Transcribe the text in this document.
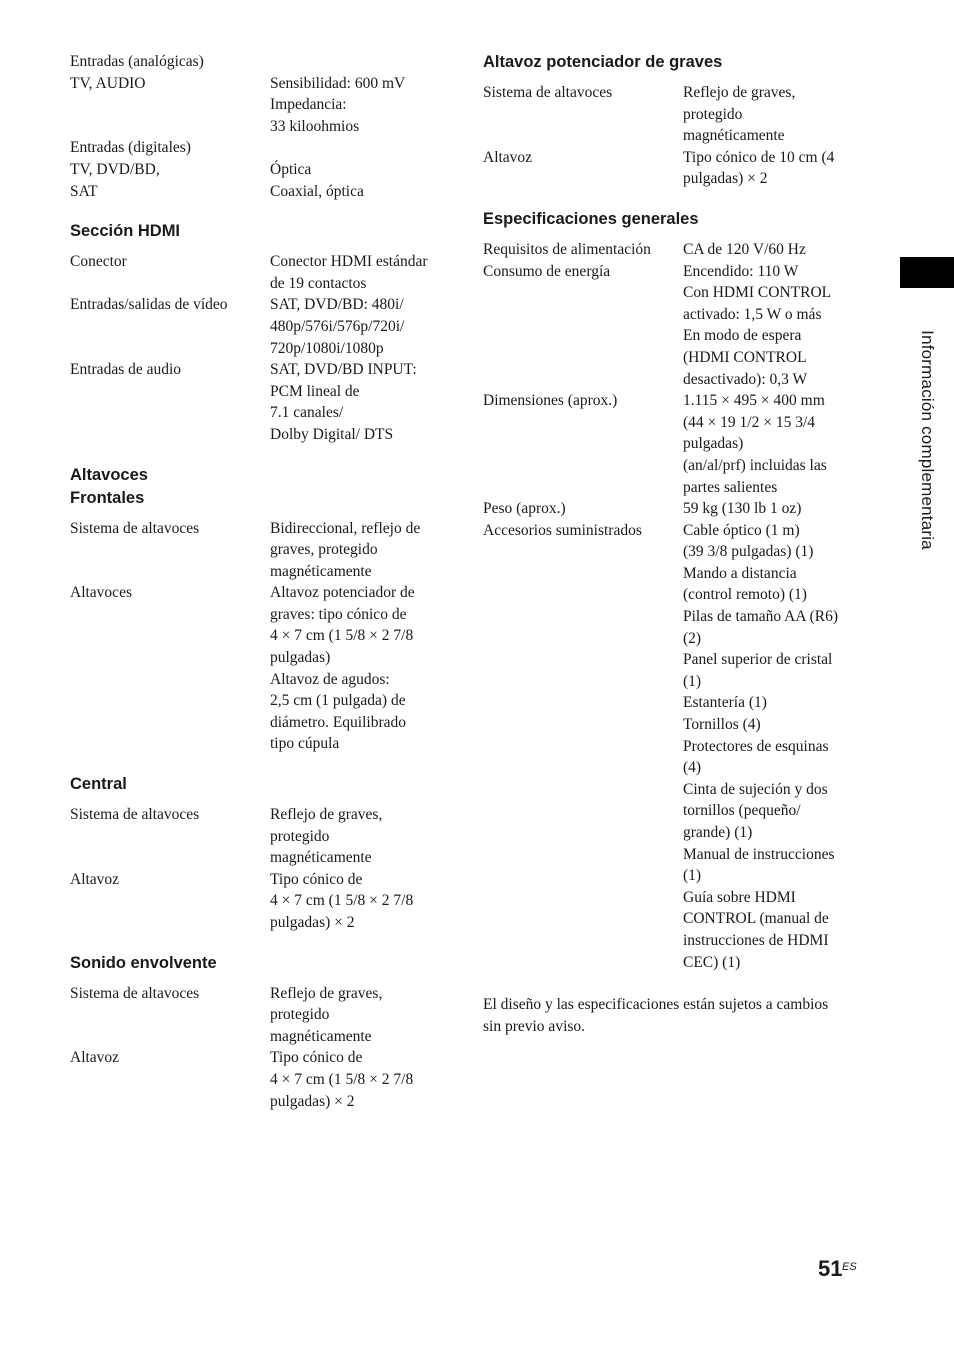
Entradas (analógicas)
TV, AUDIO	Sensibilidad: 600 mV
Impedancia:
33 kiloohmios
Entradas (digitales)
TV, DVD/BD,	Óptica
SAT	Coaxial, óptica
Sección HDMI
Conector	Conector HDMI estándar
de 19 contactos
Entradas/salidas de vídeo	SAT, DVD/BD: 480i/
480p/576i/576p/720i/
720p/1080i/1080p
Entradas de audio	SAT, DVD/BD INPUT:
PCM lineal de
7.1 canales/
Dolby Digital/ DTS
Altavoces
Frontales
Sistema de altavoces	Bidireccional, reflejo de
graves, protegido
magnéticamente
Altavoces	Altavoz potenciador de
graves: tipo cónico de
4 × 7 cm (1 5/8 × 2 7/8
pulgadas)
Altavoz de agudos:
2,5 cm (1 pulgada) de
diámetro. Equilibrado
tipo cúpula
Central
Sistema de altavoces	Reflejo de graves,
protegido
magnéticamente
Altavoz	Tipo cónico de
4 × 7 cm (1 5/8 × 2 7/8
pulgadas) × 2
Sonido envolvente
Sistema de altavoces	Reflejo de graves,
protegido
magnéticamente
Altavoz	Tipo cónico de
4 × 7 cm (1 5/8 × 2 7/8
pulgadas) × 2
Altavoz potenciador de graves
Sistema de altavoces	Reflejo de graves,
protegido
magnéticamente
Altavoz	Tipo cónico de 10 cm (4
pulgadas) × 2
Especificaciones generales
Requisitos de alimentación	CA de 120 V/60 Hz
Consumo de energía	Encendido: 110 W
Con HDMI CONTROL
activado: 1,5 W o más
En modo de espera
(HDMI CONTROL
desactivado): 0,3 W

Dimensiones (aprox.)	1.115 × 495 × 400 mm
(44 × 19 1/2 × 15 3/4
pulgadas)
(an/al/prf) incluidas las
partes salientes
Peso (aprox.)	59 kg (130 lb 1 oz)
Accesorios suministrados	Cable óptico (1 m)
(39 3/8 pulgadas) (1)
Mando a distancia
(control remoto) (1)
Pilas de tamaño AA (R6)
(2)
Panel superior de cristal
(1)
Estantería (1)
Tornillos (4)
Protectores de esquinas
(4)
Cinta de sujeción y dos
tornillos (pequeño/
grande) (1)
Manual de instrucciones
(1)
Guía sobre HDMI
CONTROL (manual de
instrucciones de HDMI
CEC) (1)
El diseño y las especificaciones están sujetos a cambios
sin previo aviso.
Información complementaria
51 ES
